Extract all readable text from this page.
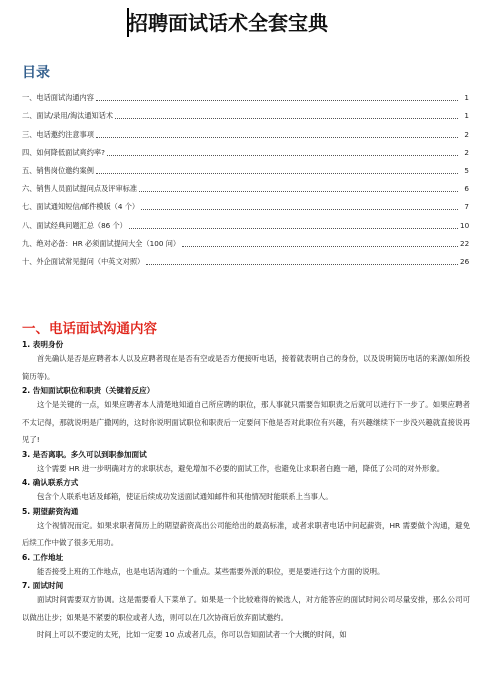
招聘面试话术全套宝典
目录
一、电话面试沟通内容	1
二、面试/录用/淘汰通知话术	1
三、电话邀约注意事项	2
四、如何降低面试爽约率?	2
五、销售岗位邀约案例	5
六、销售人员面试提问点及评审标准	6
七、面试通知短信/邮件模版（4 个）	7
八、面试经典问题汇总（86 个）	10
九、绝对必备：HR 必须面试提问大全（100 问）	22
十、外企面试常见提问（中英文对照）	26
一、电话面试沟通内容
1. 表明身份

首先确认是否是应聘者本人以及应聘者现在是否有空或是否方便接听电话，接着就表明自己的身份，以及说明简历电话的来源(如所投简历等)。

2. 告知面试职位和职责（关键着反应）

这个是关键的一点，如果应聘者本人清楚地知道自己所应聘的职位，那人事就只需要告知职责之后就可以进行下一步了。如果应聘者不太记得，那就说明是广撒网的，这时你说明面试职位和职责后一定要问下他是否对此职位有兴趣，有兴趣继续下一步没兴趣就直接说再见了!

3. 是否离职。多久可以到职参加面试

这个需要 HR 进一步明确对方的求职状态，避免增加不必要的面试工作，也避免让求职者白跑一趟，降低了公司的对外形象。

4. 确认联系方式

包含个人联系电话及邮箱，使证后续成功发送面试通知邮件和其他情况时能联系上当事人。

5. 期望薪资沟通

这个视情况而定。如果求职者简历上的期望薪资高出公司能给出的最高标准，或者求职者电话中问起薪资，HR 需要做个沟通，避免后续工作中做了很多无用功。

6. 工作地址

能否接受上班的工作地点，也是电话沟通的一个重点。某些需要外派的职位，更是要进行这个方面的说明。

7. 面试时间

面试时间需要双方协调。这是需要看人下菜单了。如果是一个比较难得的候选人，对方能答应的面试时间公司尽量安排，那么公司可以做出让步；如果是不紧要的职位或者人选，则可以在几次协商后放弃面试邀约。

时间上可以不要定的太死，比如一定要 10 点或者几点，你可以告知面试者一个大概的时间，如
